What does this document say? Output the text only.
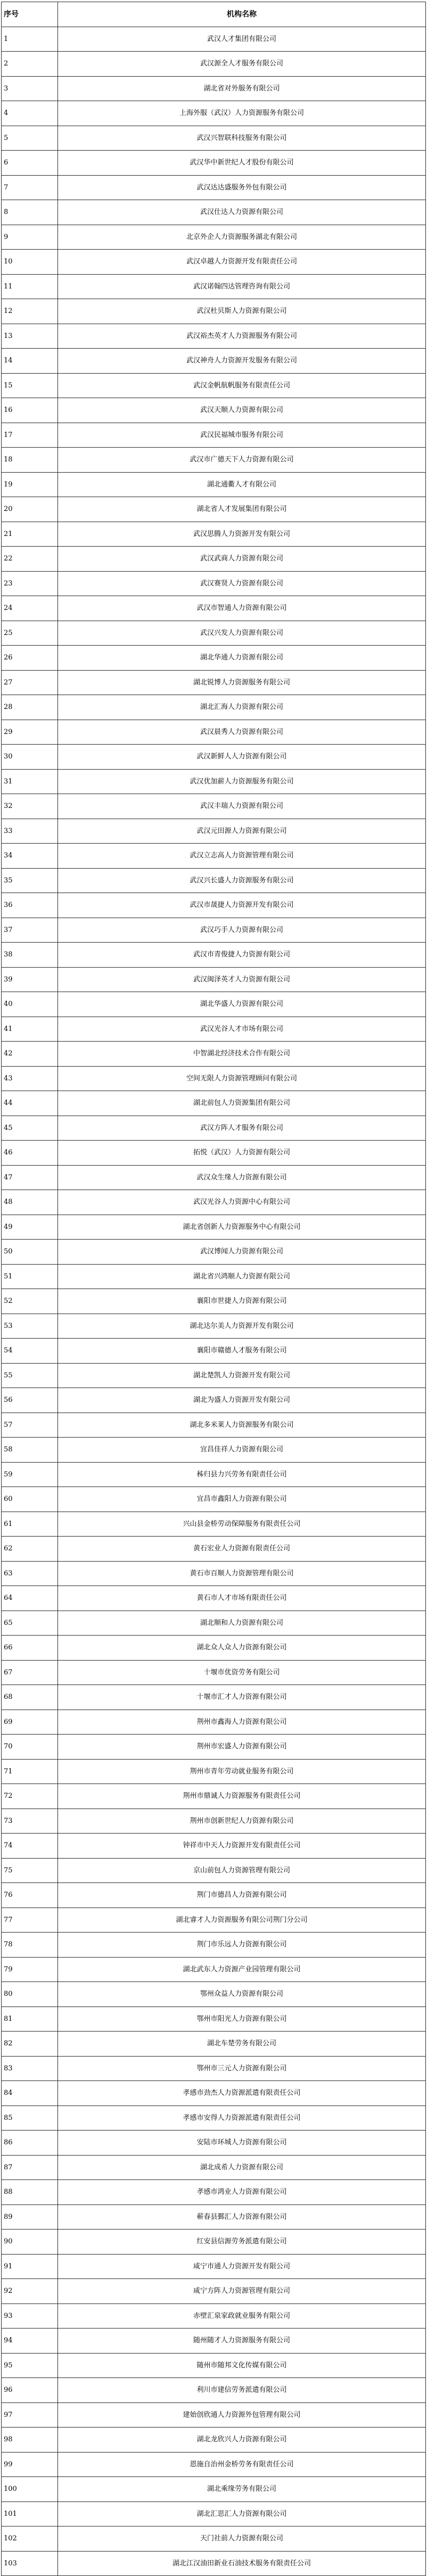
序号	机构名称
1	武汉人才集团有限公司
2	武汉源全人才服务有限公司
3	湖北省对外服务有限公司
4	上海外服（武汉）人力资源服务有限公司
5	武汉兴智联科技服务有限公司
6	武汉华中新世纪人才股份有限公司
7	武汉达达盛服务外包有限公司
8	武汉仕达人力资源有限公司
9	北京外企人力资源服务湖北有限公司
10	武汉卓越人力资源开发有限责任公司
11	武汉诺翰四达管理咨询有限公司
12	武汉杜贝斯人力资源有限公司
13	武汉裕杰英才人力资源服务有限公司
14	武汉神舟人力资源开发服务有限公司
15	武汉金帆航帆服务有限责任公司
16	武汉天顺人力资源有限公司
17	武汉民福城市服务有限公司
18	武汉市广德天下人力资源有限公司
19	湖北通衢人才有限公司
20	湖北省人才发展集团有限公司
21	武汉思腾人力资源开发有限公司
22	武汉武商人力资源有限公司
23	武汉赛贤人力资源有限公司
24	武汉市智通人力资源有限公司
25	武汉兴发人力资源有限公司
26	湖北华通人力资源有限公司
27	湖北锐博人力资源服务有限公司
28	湖北汇海人力资源有限公司
29	武汉晨秀人力资源有限公司
30	武汉新鲜人人力资源有限公司
31	武汉优加薪人力资源服务有限公司
32	武汉丰瑞人力资源有限公司
33	武汉元田源人力资源有限公司
34	武汉立志高人力资源管理有限公司
35	武汉兴长盛人力资源服务有限公司
36	武汉市晟捷人力资源开发有限公司
37	武汉巧手人力资源有限公司
38	武汉市青俊捷人力资源有限公司
39	武汉闽泽英才人力资源有限公司
40	湖北华盛人力资源有限公司
41	武汉光谷人才市场有限公司
42	中智湖北经济技术合作有限公司
43	空间无限人力资源管理顾问有限公司
44	湖北前包人力资源集团有限公司
45	武汉方阵人才服务有限公司
46	拓悦（武汉）人力资源有限公司
47	武汉众生缘人力资源有限公司
48	武汉光谷人力资源中心有限公司
49	湖北省创新人力资源服务中心有限公司
50	武汉博闻人力资源有限公司
51	湖北省兴鸿顺人力资源有限公司
52	襄阳市世捷人力资源有限公司
53	湖北达尔美人力资源开发有限公司
54	襄阳市赣德人才服务有限公司
55	湖北楚凯人力资源开发有限公司
56	湖北为盛人力资源开发有限公司
57	湖北多米莱人力资源服务有限公司
58	宜昌佳祥人力资源有限公司
59	秭归县力兴劳务有限责任公司
60	宜昌市鑫阳人力资源有限公司
61	兴山县金桥劳动保障服务有限责任公司
62	黄石宏业人力资源有限责任公司
63	黄石市百顺人力资源管理有限公司
64	黄石市人才市场有限责任公司
65	湖北顺和人力资源有限公司
66	湖北众人众人力资源有限公司
67	十堰市优资劳务有限公司
68	十堰市汇才人力资源有限公司
69	荆州市鑫海人力资源有限公司
70	荆州市宏盛人力资源有限公司
71	荆州市青年劳动就业服务有限公司
72	荆州市鼎诚人力资源服务有限责任公司
73	荆州市创新世纪人力资源有限公司
74	钟祥市中天人力资源开发有限责任公司
75	京山前包人力资源管理有限公司
76	荆门市德昌人力资源有限公司
77	湖北睿才人力资源服务有限公司荆门分公司
78	荆门市乐远人力资源有限公司
79	湖北武东人力资源产业园管理有限公司
80	鄂州众益人力资源有限公司
81	鄂州市阳光人力资源有限公司
82	湖北车楚劳务有限公司
83	鄂州市三元人力资源有限公司
84	孝感市劲杰人力资源派遣有限责任公司
85	孝感市安得人力资源派遣有限责任公司
86	安陆市环城人力资源有限公司
87	湖北成希人力资源有限公司
88	孝感市鸿业人力资源有限公司
89	蕲春县鄞汇人力资源有限公司
90	红安县信源劳务派遣有限公司
91	咸宁市通人力资源开发有限公司
92	咸宁方阵人力资源管理有限公司
93	赤壁汇泉家政就业服务有限公司
94	随州随才人力资源服务有限公司
95	随州市随邦文化传媒有限公司
96	利川市建信劳务派遣有限公司
97	建始创欣通人力资源外包管理有限公司
98	湖北龙欣兴人力资源有限公司
99	恩施自治州金桥劳务有限责任公司
100	湖北乘缘劳务有限公司
101	湖北汇思汇人力资源有限公司
102	天门社前人力资源有限公司
103	湖北江汉油田新业石油技术服务有限责任公司
